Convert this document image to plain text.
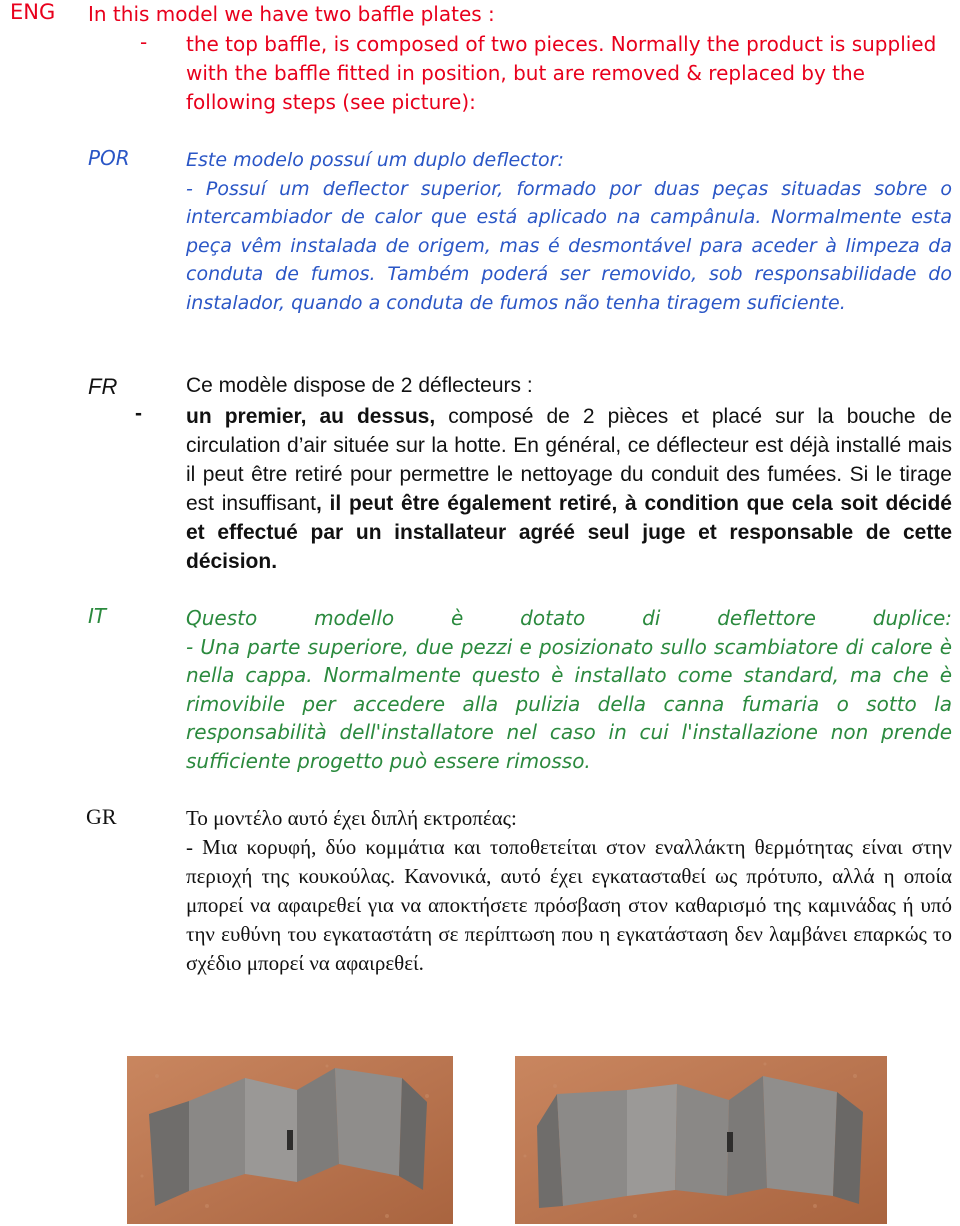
ENG In this model we have two baffle plates :
- the top baffle, is composed of two pieces. Normally the product is supplied with the baffle fitted in position, but are removed & replaced by the following steps (see picture):
POR	Este modelo possuí um duplo deflector:
- Possuí um deflector superior, formado por duas peças situadas sobre o intercambiador de calor que está aplicado na campânula. Normalmente esta peça vêm instalada de origem, mas é desmontável para aceder à limpeza da conduta de fumos. Também poderá ser removido, sob responsabilidade do instalador, quando a conduta de fumos não tenha tiragem suficiente.
FR	Ce modèle dispose de 2 déflecteurs :
- un premier, au dessus, composé de 2 pièces et placé sur la bouche de circulation d’air située sur la hotte. En général, ce déflecteur est déjà installé mais il peut être retiré pour permettre le nettoyage du conduit des fumées. Si le tirage est insuffisant, il peut être également retiré, à condition que cela soit décidé et effectué par un installateur agréé seul juge et responsable de cette décision.
IT	Questo modello è dotato di deflettore duplice:
- Una parte superiore, due pezzi e posizionato sullo scambiatore di calore è nella cappa. Normalmente questo è installato come standard, ma che è rimovibile per accedere alla pulizia della canna fumaria o sotto la responsabilità dell'installatore nel caso in cui l'installazione non prende sufficiente progetto può essere rimosso.
GR	Το μοντέλο αυτό έχει διπλή εκτροπέας:
- Μια κορυφή, δύο κομμάτια και τοποθετείται στον εναλλάκτη θερμότητας είναι στην περιοχή της κουκούλας. Κανονικά, αυτό έχει εγκατασταθεί ως πρότυπο, αλλά η οποία μπορεί να αφαιρεθεί για να αποκτήσετε πρόσβαση στον καθαρισμό της καμινάδας ή υπό την ευθύνη του εγκαταστάτη σε περίπτωση που η εγκατάσταση δεν λαμβάνει επαρκώς το σχέδιο μπορεί να αφαιρεθεί.
